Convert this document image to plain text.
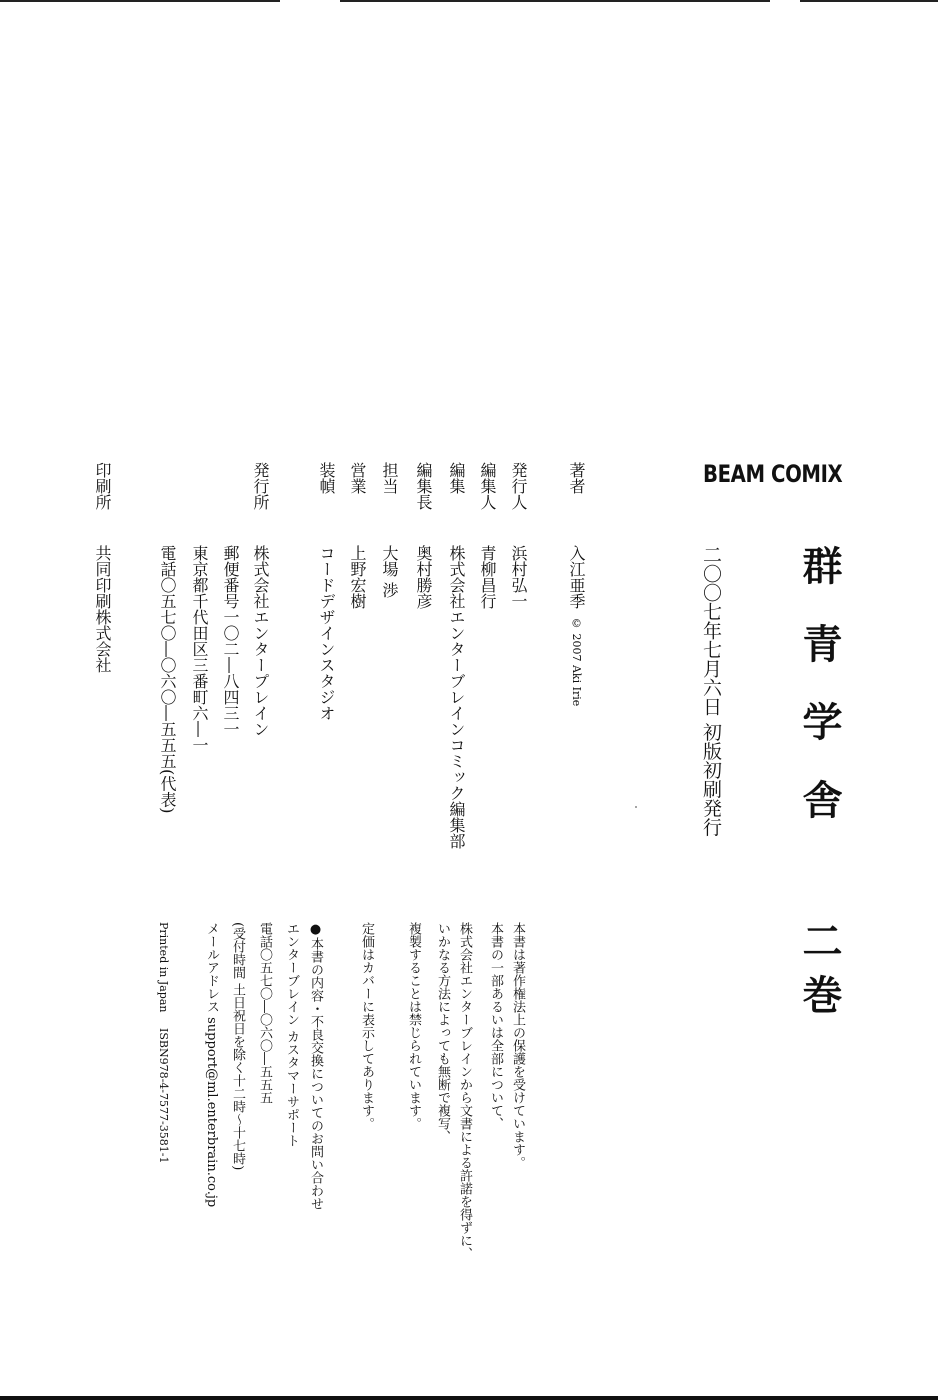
BEAM COMIX
群青学舎
二巻
二〇〇七年七月六日 初版初刷発行
著者
発行人
編集人
編集
編集長
担当
営業
装幀
発行所
印刷所
入江亜季© 2007 Aki Irie
浜村弘一
青柳昌行
株式会社エンターブレインコミック編集部
奥村勝彦
大場 渉
上野宏樹
コードデザインスタジオ
株式会社エンタープレイン
郵便番号一〇二―八四三一
東京都千代田区三番町六―一
電話〇五七〇―〇六〇―五五五(代表)
共同印刷株式会社
本書は著作権法上の保護を受けています。
本書の一部あるいは全部について、
株式会社エンターブレインから文書による許諾を得ずに、
いかなる方法によっても無断で複写、
複製することは禁じられています。
定価はカバーに表示してあります。
●本書の内容・不良交換についてのお問い合わせ
エンターブレイン カスタマーサポート
電話〇五七〇―〇六〇―五五五
(受付時間 土日祝日を除く十二時〜十七時)
メールアドレス support@ml.enterbrain.co.jp
Printed in Japan
ISBN978-4-7577-3581-1
